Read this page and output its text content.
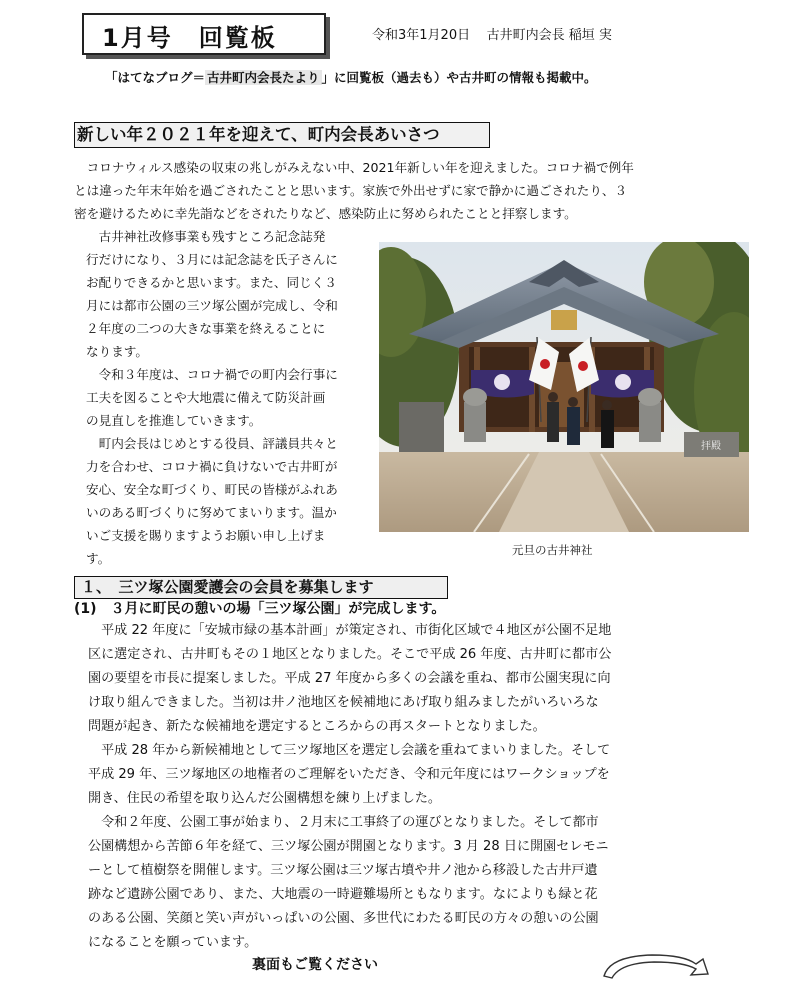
1月号　回覧板	令和3年1月20日 古井町内会長 稲垣 実
「はてなブログ＝ 古井町内会長たより 」に回覧板（過去も）や古井町の情報も掲載中。
新しい年２０２１年を迎えて、町内会長あいさつ
　コロナウィルス感染の収束の兆しがみえない中、2021年新しい年を迎えました。コロナ禍で例年
とは違った年末年始を過ごされたことと思います。家族で外出せずに家で静かに過ごされたり、３
密を避けるために幸先詣などをされたりなど、感染防止に努められたことと拝察します。
　古井神社改修事業も残すところ記念誌発
行だけになり、３月には記念誌を氏子さんに
お配りできるかと思います。また、同じく３
月には都市公園の三ツ塚公園が完成し、令和
２年度の二つの大きな事業を終えることに
なります。
　令和３年度は、コロナ禍での町内会行事に
工夫を図ることや大地震に備えて防災計画
の見直しを推進していきます。
　町内会長はじめとする役員、評議員共々と
力を合わせ、コロナ禍に負けないで古井町が
安心、安全な町づくり、町民の皆様がふれあ
いのある町づくりに努めてまいります。温か
いご支援を賜りますようお願い申し上げま
す。
拝殿
元旦の古井神社
１、　三ツ塚公園愛護会の会員を募集します
(1)　３月に町民の憩いの場「三ツ塚公園」が完成します。
　平成 22 年度に「安城市緑の基本計画」が策定され、市街化区域で４地区が公園不足地
区に選定され、古井町もその１地区となりました。そこで平成 26 年度、古井町に都市公
園の要望を市長に提案しました。平成 27 年度から多くの会議を重ね、都市公園実現に向
け取り組んできました。当初は井ノ池地区を候補地にあげ取り組みましたがいろいろな
問題が起き、新たな候補地を選定するところからの再スタートとなりました。
　平成 28 年から新候補地として三ツ塚地区を選定し会議を重ねてまいりました。そして
平成 29 年、三ツ塚地区の地権者のご理解をいただき、令和元年度にはワークショップを
開き、住民の希望を取り込んだ公園構想を練り上げました。
　令和２年度、公園工事が始まり、２月末に工事終了の運びとなりました。そして都市
公園構想から苦節６年を経て、三ツ塚公園が開園となります。3 月 28 日に開園セレモニ
ーとして植樹祭を開催します。三ツ塚公園は三ツ塚古墳や井ノ池から移設した古井戸遺
跡など遺跡公園であり、また、大地震の一時避難場所ともなります。なによりも緑と花
のある公園、笑顔と笑い声がいっぱいの公園、多世代にわたる町民の方々の憩いの公園
になることを願っています。
裏面もご覧ください
